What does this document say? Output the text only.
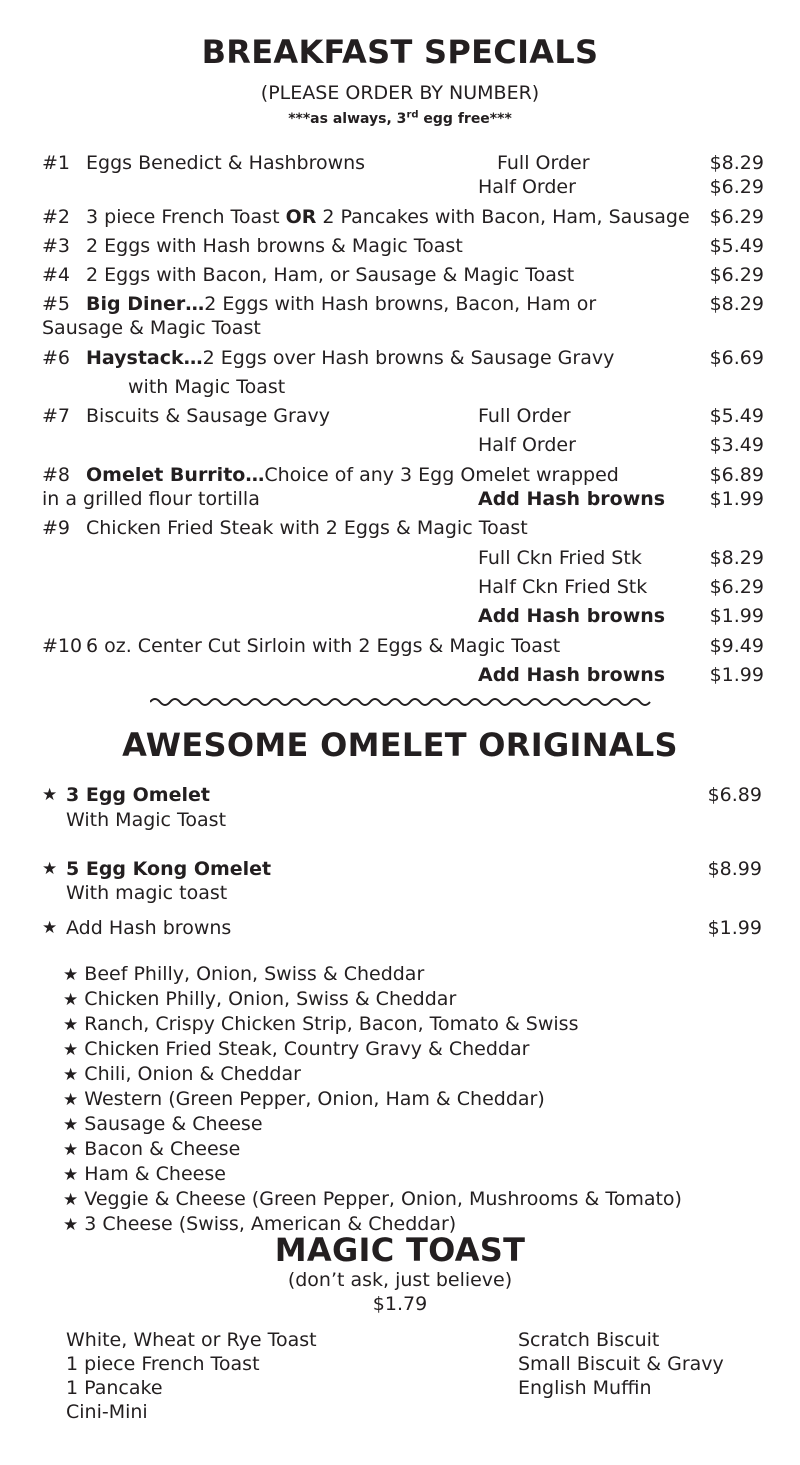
BREAKFAST SPECIALS
(PLEASE ORDER BY NUMBER)
***as always, 3rd egg free***
#1 Eggs Benedict & Hashbrowns	Full Order	$8.29
Half Order	$6.29
#2 3 piece French Toast OR 2 Pancakes with Bacon, Ham, Sausage $6.29
#3 2 Eggs with Hash browns & Magic Toast	$5.49
#4 2 Eggs with Bacon, Ham, or Sausage & Magic Toast	$6.29
#5 Big Diner…2 Eggs with Hash browns, Bacon, Ham or	$8.29
Sausage & Magic Toast
#6 Haystack…2 Eggs over Hash browns & Sausage Gravy	$6.69
with Magic Toast
#7 Biscuits & Sausage Gravy	Full Order	$5.49
Half Order	$3.49
#8 Omelet Burrito…Choice of any 3 Egg Omelet wrapped	$6.89
in a grilled flour tortilla	Add Hash browns $1.99
#9 Chicken Fried Steak with 2 Eggs & Magic Toast
Full Ckn Fried Stk	$8.29
Half Ckn Fried Stk	$6.29
Add Hash browns $1.99
#10 6 oz. Center Cut Sirloin with 2 Eggs & Magic Toast	$9.49
Add Hash browns $1.99
AWESOME OMELET ORIGINALS
★ 3 Egg Omelet	$6.89
With Magic Toast
★ 5 Egg Kong Omelet	$8.99
With magic toast
★ Add Hash browns	$1.99
★ Beef Philly, Onion, Swiss & Cheddar
★ Chicken Philly, Onion, Swiss & Cheddar
★ Ranch, Crispy Chicken Strip, Bacon, Tomato & Swiss
★ Chicken Fried Steak, Country Gravy & Cheddar
★ Chili, Onion & Cheddar
★ Western (Green Pepper, Onion, Ham & Cheddar)
★ Sausage & Cheese
★ Bacon & Cheese
★ Ham & Cheese
★ Veggie & Cheese (Green Pepper, Onion, Mushrooms & Tomato)
★ 3 Cheese (Swiss, American & Cheddar)
MAGIC TOAST
(don’t ask, just believe)
$1.79
White, Wheat or Rye Toast
1 piece French Toast
1 Pancake
Cini-Mini
Scratch Biscuit
Small Biscuit & Gravy
English Muffin
